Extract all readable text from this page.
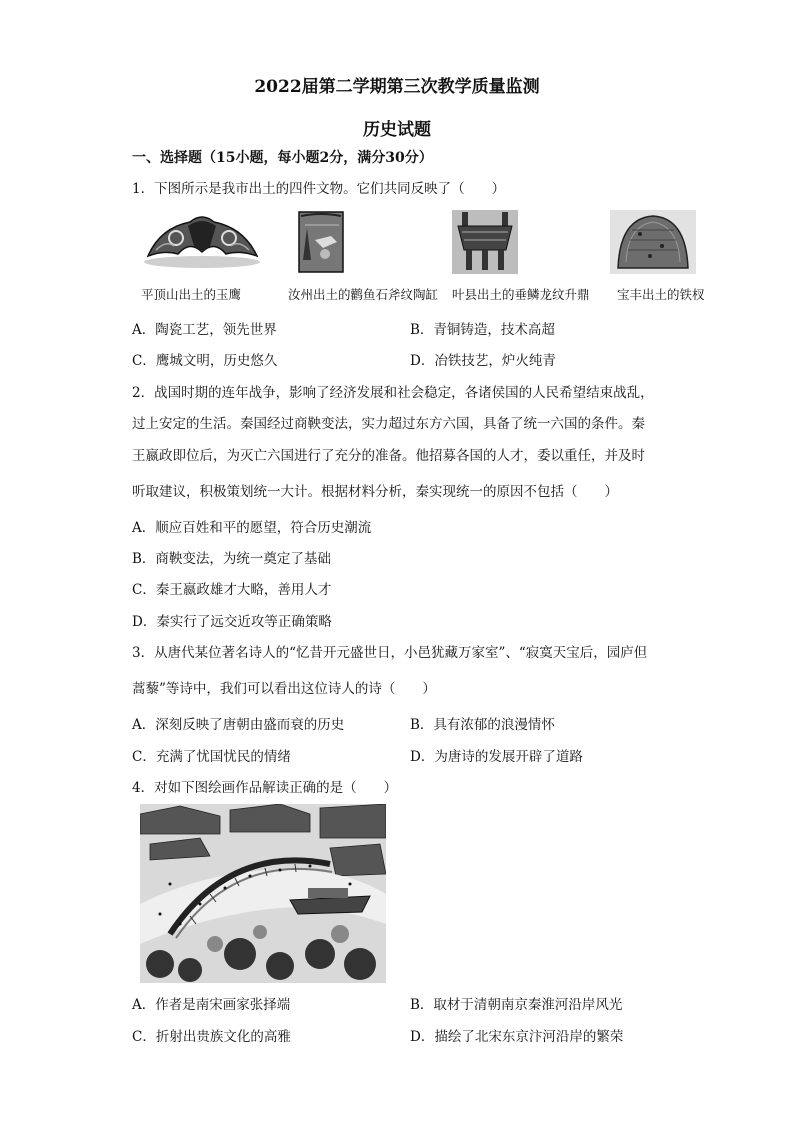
2022届第二学期第三次教学质量监测
历史试题
一、选择题（15小题，每小题2分，满分30分）
1．下图所示是我市出土的四件文物。它们共同反映了（　　）
平顶山出土的玉鹰	汝州出土的鹳鱼石斧纹陶缸 叶县出土的垂鳞龙纹升鼎 宝丰出土的铁杈
A．陶瓷工艺，领先世界	B．青铜铸造，技术高超
C．鹰城文明，历史悠久	D．冶铁技艺，炉火纯青
2．战国时期的连年战争，影响了经济发展和社会稳定，各诸侯国的人民希望结束战乱，
过上安定的生活。秦国经过商鞅变法，实力超过东方六国，具备了统一六国的条件。秦
王嬴政即位后，为灭亡六国进行了充分的准备。他招募各国的人才，委以重任，并及时
听取建议，积极策划统一大计。根据材料分析，秦实现统一的原因不包括（　　）
A．顺应百姓和平的愿望，符合历史潮流
B．商鞅变法，为统一奠定了基础
C．秦王嬴政雄才大略，善用人才
D．秦实行了远交近攻等正确策略
3．从唐代某位著名诗人的“忆昔开元盛世日，小邑犹藏万家室”、“寂寞天宝后，园庐但
蒿藜”等诗中，我们可以看出这位诗人的诗（　　）
A．深刻反映了唐朝由盛而衰的历史	B．具有浓郁的浪漫情怀
C．充满了忧国忧民的情绪	D．为唐诗的发展开辟了道路
4．对如下图绘画作品解读正确的是（　　）
A．作者是南宋画家张择端	B．取材于清朝南京秦淮河沿岸风光
C．折射出贵族文化的高雅	D．描绘了北宋东京汴河沿岸的繁荣
